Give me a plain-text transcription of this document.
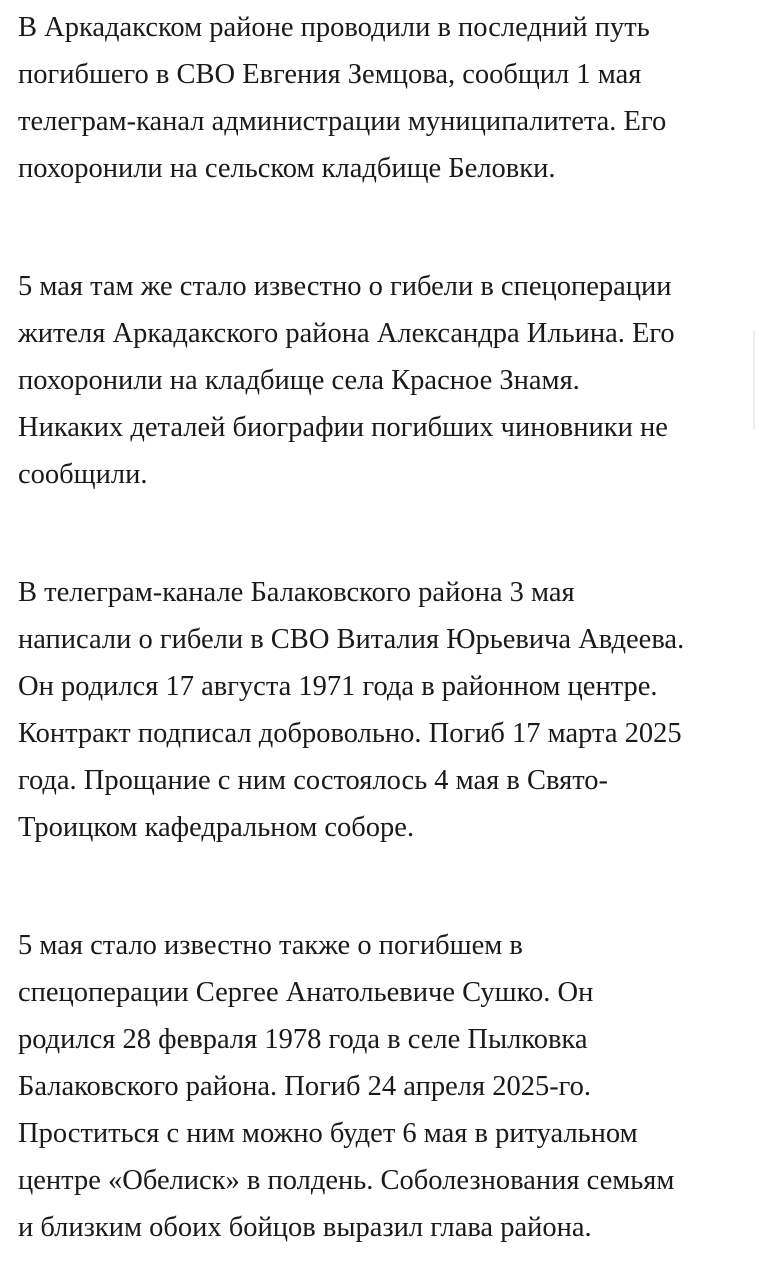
В Аркадакском районе проводили в последний путь
погибшего в СВО Евгения Земцова, сообщил 1 мая
телеграм-канал администрации муниципалитета. Его
похоронили на сельском кладбище Беловки.

5 мая там же стало известно о гибели в спецоперации
жителя Аркадакского района Александра Ильина. Его
похоронили на кладбище села Красное Знамя.
Никаких деталей биографии погибших чиновники не
сообщили.

В телеграм-канале Балаковского района 3 мая
написали о гибели в СВО Виталия Юрьевича Авдеева.
Он родился 17 августа 1971 года в районном центре.
Контракт подписал добровольно. Погиб 17 марта 2025
года. Прощание с ним состоялось 4 мая в Свято-
Троицком кафедральном соборе.

5 мая стало известно также о погибшем в
спецоперации Сергее Анатольевиче Сушко. Он
родился 28 февраля 1978 года в селе Пылковка
Балаковского района. Погиб 24 апреля 2025-го.
Проститься с ним можно будет 6 мая в ритуальном
центре «Обелиск» в полдень. Соболезнования семьям
и близким обоих бойцов выразил глава района.
